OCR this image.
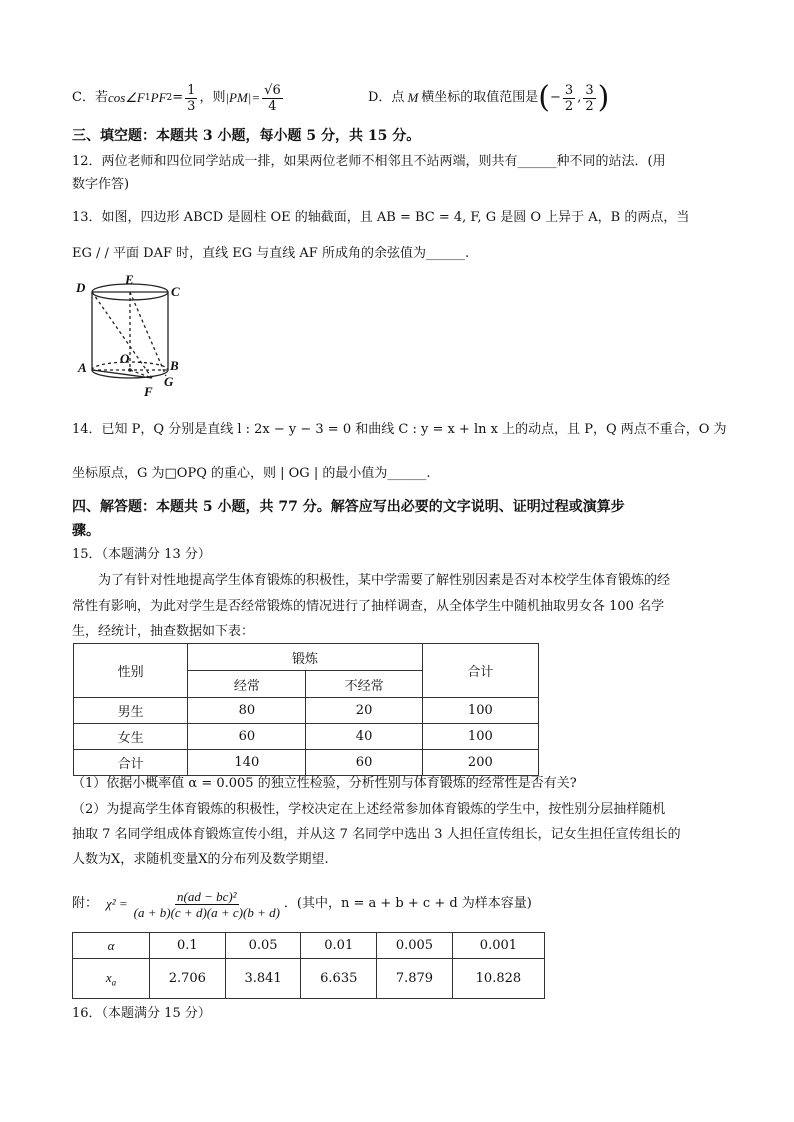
C．若 cos∠F 1 PF $2 = \frac{1}{3}$ ，则 $|PM|= \frac{√6}{4}$	D．点 M 横坐标的取值范围是 ( − $\frac{3}{2}$ , $\frac{3}{2}$ )
三、填空题：本题共 3 小题，每小题 5 分，共 15 分。
12．两位老师和四位同学站成一排，如果两位老师不相邻且不站两端，则共有______种不同的站法．(用
数字作答)
13．如图，四边形 ABCD 是圆柱 OE 的轴截面，且 AB = BC = 4, F, G 是圆 O 上异于 A，B 的两点，当
EG / / 平面 DAF 时，直线 EG 与直线 AF 所成角的余弦值为______.
D
E
C
A
O	B
G
F
14．已知 P，Q 分别是直线 l : 2x − y − 3 = 0 和曲线 C : y = x + ln x 上的动点，且 P，Q 两点不重合，O 为
坐标原点，G 为□OPQ 的重心，则 | OG | 的最小值为______.
四、解答题：本题共 5 小题，共 77 分。解答应写出必要的文字说明、证明过程或演算步
骤。
15．（本题满分 13 分）
为了有针对性地提高学生体育锻炼的积极性，某中学需要了解性别因素是否对本校学生体育锻炼的经
常性有影响，为此对学生是否经常锻炼的情况进行了抽样调查，从全体学生中随机抽取男女各 100 名学
生，经统计，抽查数据如下表：
性别	锻炼		合计
	经常	不经常	
男生	80	20	100
女生	60	40	100
合计	140	60	200
（1）依据小概率值 α = 0.005 的独立性检验，分析性别与体育锻炼的经常性是否有关?
（2）为提高学生体育锻炼的积极性，学校决定在上述经常参加体育锻炼的学生中，按性别分层抽样随机
抽取 7 名同学组成体育锻炼宣传小组，并从这 7 名同学中选出 3 人担任宣传组长，记女生担任宣传组长的
人数为X，求随机变量X的分布列及数学期望.
附： $\chi^2 = \frac{\text{n(ad − bc)²}}{(a + b)(c + d)(a + c)(b + d)}$ ．(其中，n = a + b + c + d 为样本容量)
α	0.1	0.05	0.01	0.005	0.001
$x_a$	2.706	3.841	6.635	7.879	10.828
16．（本题满分 15 分）
